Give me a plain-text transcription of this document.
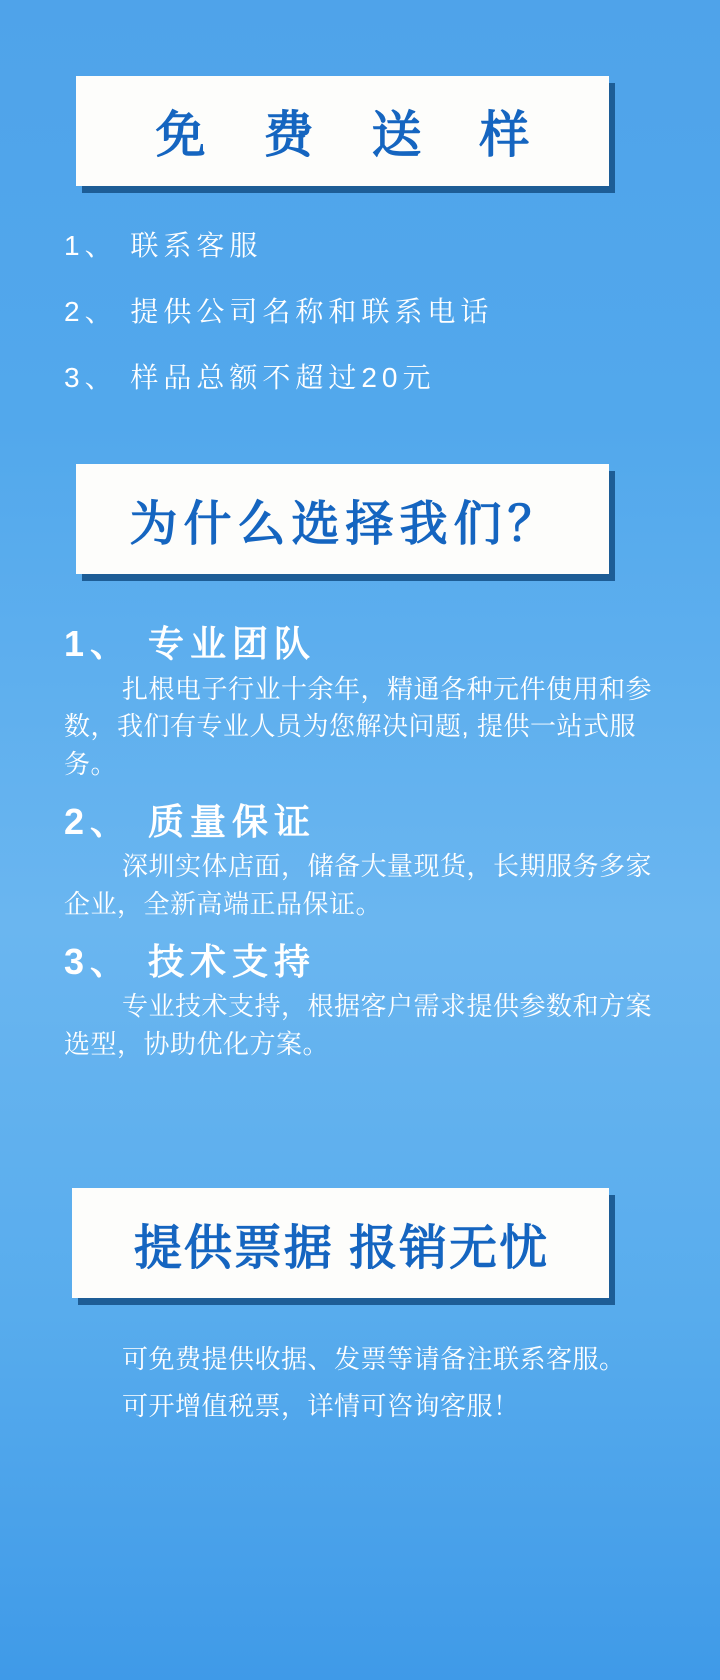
免 费 送 样
1、 联系客服
2、 提供公司名称和联系电话
3、 样品总额不超过20元
为什么选择我们？

1、 专业团队

扎根电子行业十余年，精通各种元件使用和参数，我们有专业人员为您解决问题, 提供一站式服务。

2、 质量保证

深圳实体店面，储备大量现货，长期服务多家企业，全新高端正品保证。

3、 技术支持

专业技术支持，根据客户需求提供参数和方案选型，协助优化方案。

提供票据 报销无忧

可免费提供收据、发票等请备注联系客服。

可开增值税票，详情可咨询客服！
